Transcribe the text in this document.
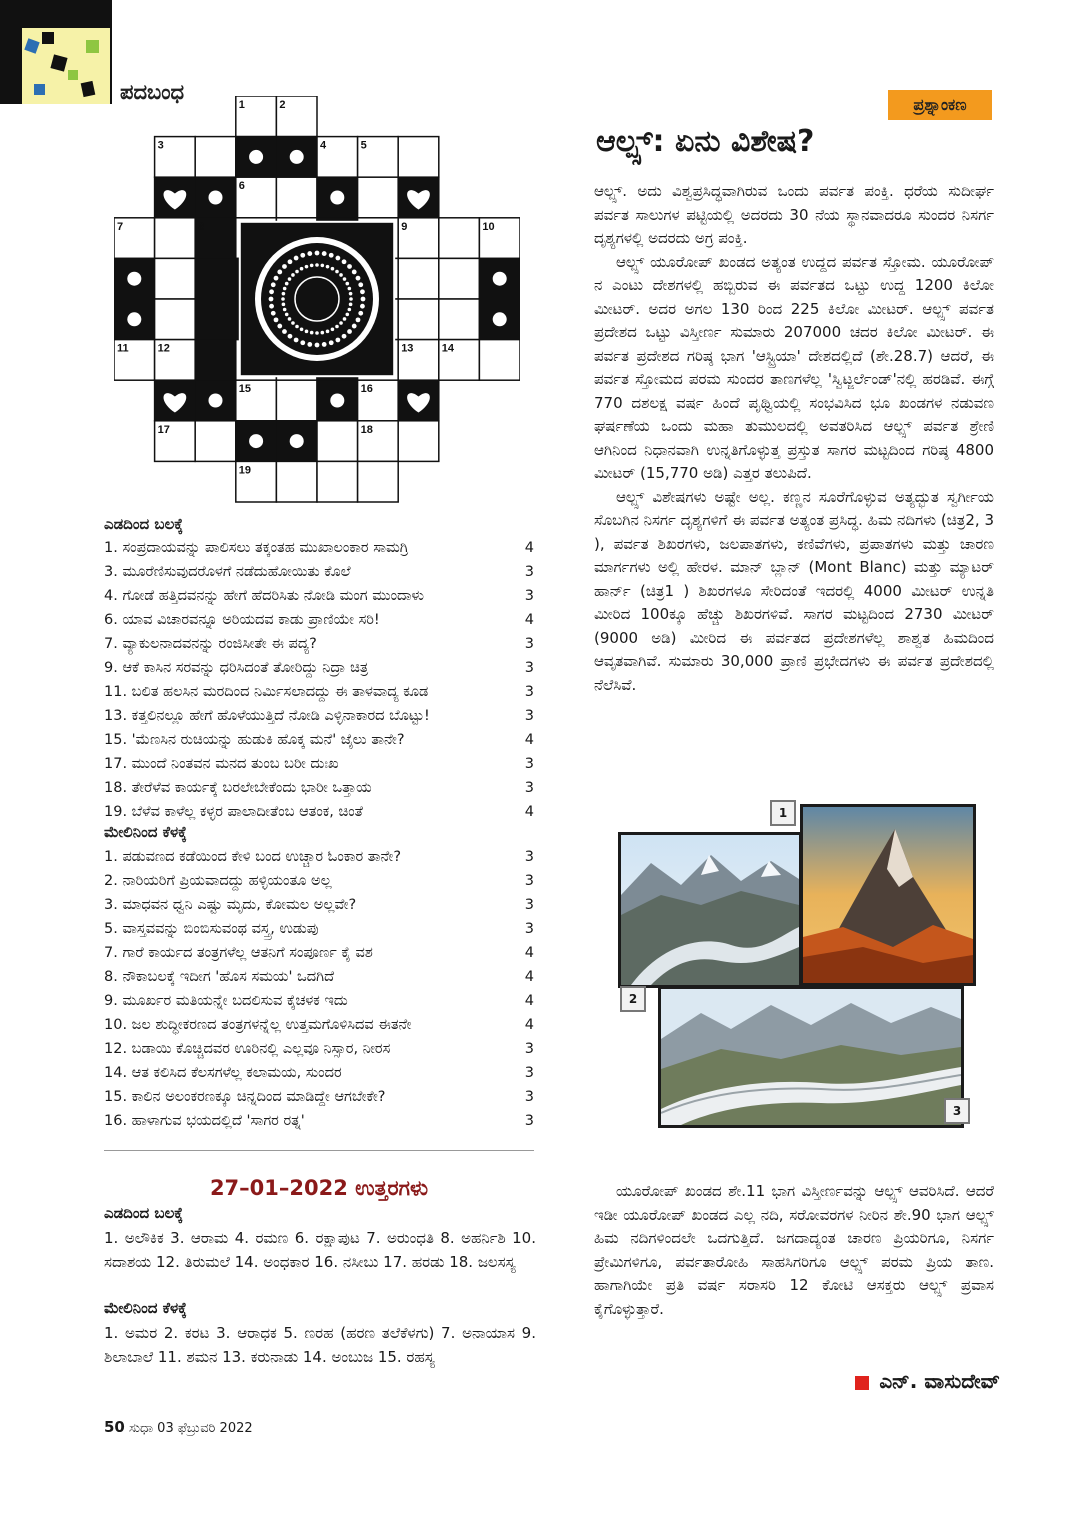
ಪದಬಂಧ
1	2
3	4	5
6
7	8	9	10
11	12	13	14
15	16
17	18
19
ಎಡದಿಂದ ಬಲಕ್ಕೆ
1. ಸಂಪ್ರದಾಯವನ್ನು ಪಾಲಿಸಲು ತಕ್ಕಂತಹ ಮುಖಾಲಂಕಾರ ಸಾಮಗ್ರಿ	4
3. ಮೂರೆಣಿಸುವುದರೊಳಗೆ ನಡೆದುಹೋಯಿತು ಕೊಲೆ	3
4. ಗೋಡೆ ಹತ್ತಿದವನನ್ನು ಹೇಗೆ ಹೆದರಿಸಿತು ನೋಡಿ ಮಂಗ ಮುಂದಾಳು	3
6. ಯಾವ ವಿಚಾರವನ್ನೂ ಅರಿಯದವ ಕಾಡು ಪ್ರಾಣಿಯೇ ಸರಿ!	4
7. ವ್ಯಾಕುಲನಾದವನನ್ನು ರಂಜಿಸೀತೇ ಈ ಪದ್ಯ?	3
9. ಆಕೆ ಕಾಸಿನ ಸರವನ್ನು ಧರಿಸಿದಂತೆ ತೋರಿದ್ದು ನಿದ್ರಾ ಚಿತ್ರ	3
11. ಬಲಿತ ಹಲಸಿನ ಮರದಿಂದ ನಿರ್ಮಿಸಲಾದದ್ದು ಈ ತಾಳವಾದ್ಯ ಕೂಡ	3
13. ಕತ್ತಲಿನಲ್ಲೂ ಹೇಗೆ ಹೊಳೆಯುತ್ತಿದೆ ನೋಡಿ ಎಳ್ಳಿನಾಕಾರದ ಬೊಟ್ಟು!	3
15. 'ಮೆಣಸಿನ ರುಚಿಯನ್ನು ಹುಡುಕಿ ಹೊಕ್ಕ ಮನೆ' ಜೈಲು ತಾನೇ?	4
17. ಮುಂದೆ ನಿಂತವನ ಮನದ ತುಂಬ ಬರೀ ದುಃಖ	3
18. ತೇರೆಳೆವ ಕಾರ್ಯಕ್ಕೆ ಬರಲೇಬೇಕೆಂದು ಭಾರೀ ಒತ್ತಾಯ	3
19. ಬೆಳೆವ ಕಾಳೆಲ್ಲ ಕಳ್ಳರ ಪಾಲಾದೀತೆಂಬ ಆತಂಕ, ಚಿಂತೆ	4
ಮೇಲಿನಿಂದ ಕೆಳಕ್ಕೆ
1. ಪಡುವಣದ ಕಡೆಯಿಂದ ಕೇಳಿ ಬಂದ ಉಚ್ಚಾರ ಓಂಕಾರ ತಾನೇ?	3
2. ನಾರಿಯರಿಗೆ ಪ್ರಿಯವಾದದ್ದು ಹಳ್ಳಿಯಂತೂ ಅಲ್ಲ	3
3. ಮಾಧವನ ಧ್ವನಿ ಎಷ್ಟು ಮೃದು, ಕೋಮಲ ಅಲ್ಲವೇ?	3
5. ವಾಸ್ತವವನ್ನು ಬಿಂಬಿಸುವಂಥ ವಸ್ತ್ರ, ಉಡುಪು	3
7. ಗಾರೆ ಕಾರ್ಯದ ತಂತ್ರಗಳೆಲ್ಲ ಆತನಿಗೆ ಸಂಪೂರ್ಣ ಕೈ ವಶ	4
8. ನೌಕಾಬಲಕ್ಕೆ ಇದೀಗ 'ಹೊಸ ಸಮಯ' ಒದಗಿದೆ	4
9. ಮೂರ್ಖರ ಮತಿಯನ್ನೇ ಬದಲಿಸುವ ಕೈಚಳಕ ಇದು	4
10. ಜಲ ಶುದ್ಧೀಕರಣದ ತಂತ್ರಗಳನ್ನೆಲ್ಲ ಉತ್ತಮಗೊಳಿಸಿದವ ಈತನೇ	4
12. ಬಡಾಯಿ ಕೊಚ್ಚಿದವರ ಊರಿನಲ್ಲಿ ಎಲ್ಲವೂ ನಿಸ್ಸಾರ, ನೀರಸ	3
14. ಆತ ಕಲಿಸಿದ ಕೆಲಸಗಳೆಲ್ಲ ಕಲಾಮಯ, ಸುಂದರ	3
15. ಕಾಲಿನ ಅಲಂಕರಣಕ್ಕೂ ಚಿನ್ನದಿಂದ ಮಾಡಿದ್ದೇ ಆಗಬೇಕೇ?	3
16. ಹಾಳಾಗುವ ಭಯದಲ್ಲಿದೆ 'ಸಾಗರ ರತ್ನ'	3
27–01–2022 ಉತ್ತರಗಳು
ಎಡದಿಂದ ಬಲಕ್ಕೆ
1. ಅಲೌಕಿಕ 3. ಆರಾಮ 4. ರಮಣ 6. ರಕ್ಷಾಪುಟ 7. ಅರುಂಧತಿ 8. ಅಹರ್ನಿಶಿ 10. ಸದಾಶಯ 12. ತಿರುಮಲೆ 14. ಅಂಧಕಾರ 16. ನಸೀಬು 17. ಹರಡು 18. ಜಲಸಸ್ಯ
ಮೇಲಿನಿಂದ ಕೆಳಕ್ಕೆ
1. ಅಮರ 2. ಕರಟ 3. ಆರಾಧಕ 5. ಣರಹ (ಹರಣ ತಲೆಕೆಳಗು) 7. ಅನಾಯಾಸ 9. ಶಿಲಾಬಾಲೆ 11. ಶಮನ 13. ಕರುನಾಡು 14. ಅಂಬುಜ 15. ರಹಸ್ಯ
50 ಸುಧಾ 03 ಫೆಬ್ರುವರಿ 2022
ಪ್ರಶ್ನಾಂಕಣ
ಆಲ್ಪ್ಸ್: ಏನು ವಿಶೇಷ?

ಆಲ್ಪ್ಸ್. ಅದು ವಿಶ್ವಪ್ರಸಿದ್ಧವಾಗಿರುವ ಒಂದು ಪರ್ವತ ಪಂಕ್ತಿ. ಧರೆಯ ಸುದೀರ್ಘ ಪರ್ವತ ಸಾಲುಗಳ ಪಟ್ಟಿಯಲ್ಲಿ ಅದರದು 30 ನೆಯ ಸ್ಥಾನವಾದರೂ ಸುಂದರ ನಿಸರ್ಗ ದೃಶ್ಯಗಳಲ್ಲಿ ಅದರದು ಅಗ್ರ ಪಂಕ್ತಿ.

ಆಲ್ಪ್ಸ್ ಯೂರೋಪ್ ಖಂಡದ ಅತ್ಯಂತ ಉದ್ದದ ಪರ್ವತ ಸ್ತೋಮ. ಯೂರೋಪ್ ನ ಎಂಟು ದೇಶಗಳಲ್ಲಿ ಹಬ್ಬಿರುವ ಈ ಪರ್ವತದ ಒಟ್ಟು ಉದ್ದ 1200 ಕಿಲೋ ಮೀಟರ್. ಅದರ ಅಗಲ 130 ರಿಂದ 225 ಕಿಲೋ ಮೀಟರ್. ಆಲ್ಪ್ಸ್ ಪರ್ವತ ಪ್ರದೇಶದ ಒಟ್ಟು ವಿಸ್ತೀರ್ಣ ಸುಮಾರು 207000 ಚದರ ಕಿಲೋ ಮೀಟರ್. ಈ ಪರ್ವತ ಪ್ರದೇಶದ ಗರಿಷ್ಠ ಭಾಗ 'ಆಸ್ಟ್ರಿಯಾ' ದೇಶದಲ್ಲಿದೆ (ಶೇ.28.7) ಆದರೆ, ಈ ಪರ್ವತ ಸ್ತೋಮದ ಪರಮ ಸುಂದರ ತಾಣಗಳೆಲ್ಲ 'ಸ್ವಿಟ್ಜರ್ಲೆಂಡ್'ನಲ್ಲಿ ಹರಡಿವೆ. ಈಗ್ಗೆ 770 ದಶಲಕ್ಷ ವರ್ಷ ಹಿಂದೆ ಪೃಥ್ವಿಯಲ್ಲಿ ಸಂಭವಿಸಿದ ಭೂ ಖಂಡಗಳ ನಡುವಣ ಘರ್ಷಣೆಯ ಒಂದು ಮಹಾ ತುಮುಲದಲ್ಲಿ ಅವತರಿಸಿದ ಆಲ್ಪ್ಸ್ ಪರ್ವತ ಶ್ರೇಣಿ ಆಗಿನಿಂದ ನಿಧಾನವಾಗಿ ಉನ್ನತಿಗೊಳ್ಳುತ್ತ ಪ್ರಸ್ತುತ ಸಾಗರ ಮಟ್ಟದಿಂದ ಗರಿಷ್ಠ 4800 ಮೀಟರ್ (15,770 ಅಡಿ) ಎತ್ತರ ತಲುಪಿದೆ.

ಆಲ್ಪ್ಸ್ ವಿಶೇಷಗಳು ಅಷ್ಟೇ ಅಲ್ಲ. ಕಣ್ಣನ ಸೂರೆಗೊಳ್ಳುವ ಅತ್ಯದ್ಭುತ ಸ್ವರ್ಗೀಯ ಸೊಬಗಿನ ನಿಸರ್ಗ ದೃಶ್ಯಗಳಿಗೆ ಈ ಪರ್ವತ ಅತ್ಯಂತ ಪ್ರಸಿದ್ಧ. ಹಿಮ ನದಿಗಳು (ಚಿತ್ರ2, 3 ), ಪರ್ವತ ಶಿಖರಗಳು, ಜಲಪಾತಗಳು, ಕಣಿವೆಗಳು, ಪ್ರಪಾತಗಳು ಮತ್ತು ಚಾರಣ ಮಾರ್ಗಗಳು ಅಲ್ಲಿ ಹೇರಳ. ಮಾನ್ ಬ್ಲಾನ್ (Mont Blanc) ಮತ್ತು ಮ್ಯಾಟರ್ ಹಾರ್ನ್ (ಚಿತ್ರ1 ) ಶಿಖರಗಳೂ ಸೇರಿದಂತೆ ಇದರಲ್ಲಿ 4000 ಮೀಟರ್ ಉನ್ನತಿ ಮೀರಿದ 100ಕ್ಕೂ ಹೆಚ್ಚು ಶಿಖರಗಳಿವೆ. ಸಾಗರ ಮಟ್ಟದಿಂದ 2730 ಮೀಟರ್ (9000 ಅಡಿ) ಮೀರಿದ ಈ ಪರ್ವತದ ಪ್ರದೇಶಗಳೆಲ್ಲ ಶಾಶ್ವತ ಹಿಮದಿಂದ ಆವೃತವಾಗಿವೆ. ಸುಮಾರು 30,000 ಪ್ರಾಣಿ ಪ್ರಭೇದಗಳು ಈ ಪರ್ವತ ಪ್ರದೇಶದಲ್ಲಿ ನೆಲೆಸಿವೆ.

1
2
3

ಯೂರೋಪ್ ಖಂಡದ ಶೇ.11 ಭಾಗ ವಿಸ್ತೀರ್ಣವನ್ನು ಆಲ್ಪ್ಸ್ ಆವರಿಸಿದೆ. ಆದರೆ ಇಡೀ ಯೂರೋಪ್ ಖಂಡದ ಎಲ್ಲ ನದಿ, ಸರೋವರಗಳ ನೀರಿನ ಶೇ.90 ಭಾಗ ಆಲ್ಪ್ಸ್ ಹಿಮ ನದಿಗಳಿಂದಲೇ ಒದಗುತ್ತಿದೆ. ಜಗದಾದ್ಯಂತ ಚಾರಣ ಪ್ರಿಯರಿಗೂ, ನಿಸರ್ಗ ಪ್ರೇಮಿಗಳಿಗೂ, ಪರ್ವತಾರೋಹಿ ಸಾಹಸಿಗರಿಗೂ ಆಲ್ಪ್ಸ್ ಪರಮ ಪ್ರಿಯ ತಾಣ. ಹಾಗಾಗಿಯೇ ಪ್ರತಿ ವರ್ಷ ಸರಾಸರಿ 12 ಕೋಟಿ ಆಸಕ್ತರು ಆಲ್ಪ್ಸ್ ಪ್ರವಾಸ ಕೈಗೊಳ್ಳುತ್ತಾರೆ.

ಎನ್. ವಾಸುದೇವ್
